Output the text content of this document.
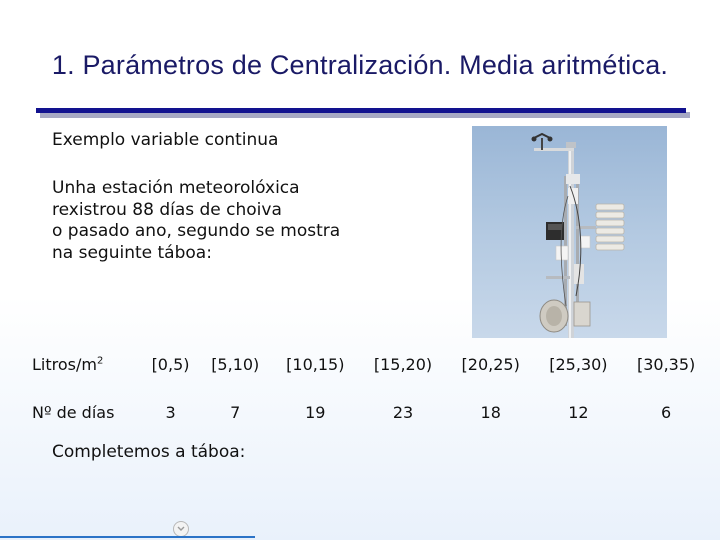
1. Parámetros de Centralización. Media aritmética.
Exemplo variable continua
Unha estación meteorolóxica
rexistrou 88 días de choiva
o pasado ano, segundo se mostra
na seguinte táboa:
Litros/$m^2$	[0,5)	[5,10)	[10,15)	[15,20)	[20,25)	[25,30)	[30,35)
Nº de días	3	7	19	23	18	12	6
Completemos a táboa:
